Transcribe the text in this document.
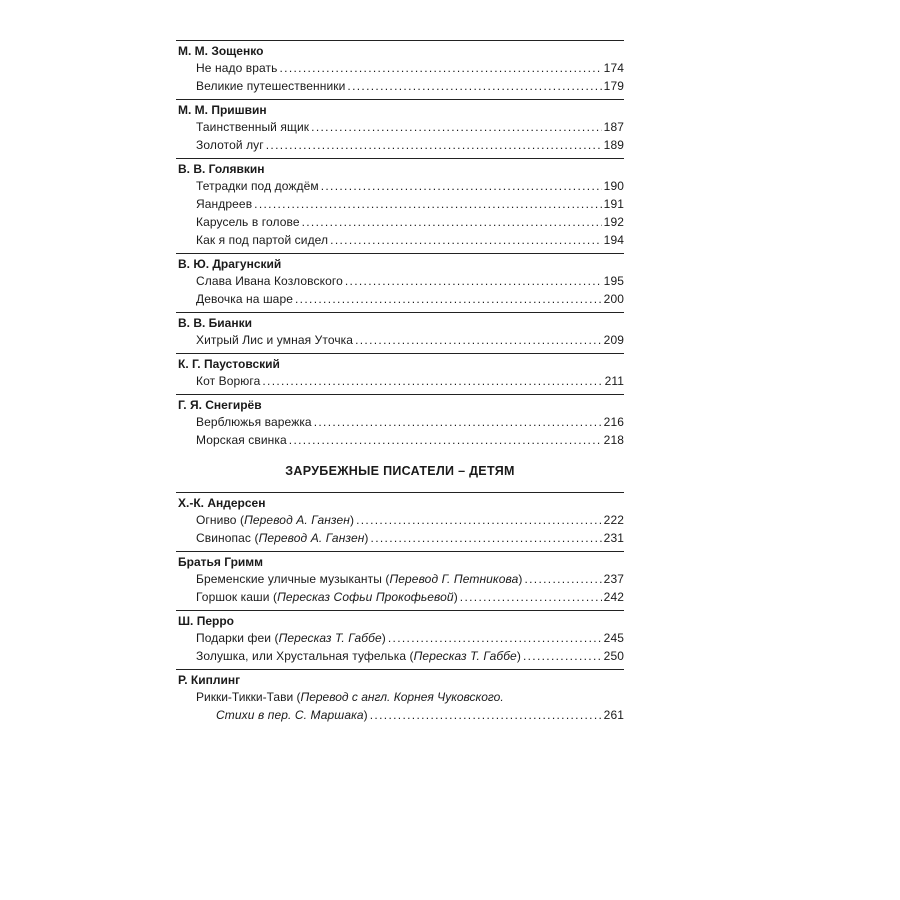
М. М. Зощенко
Не надо врать . . .	174
Великие путешественники . . .	179
М. М. Пришвин
Таинственный ящик . . .	187
Золотой луг . . .	189
В. В. Голявкин
Тетрадки под дождём . . .	190
Яандреев . . .	191
Карусель в голове . . .	192
Как я под партой сидел . . .	194
В. Ю. Драгунский
Слава Ивана Козловского . . .	195
Девочка на шаре . . .	200
В. В. Бианки
Хитрый Лис и умная Уточка . . .	209
К. Г. Паустовский
Кот Ворюга . . .	211
Г. Я. Снегирёв
Верблюжья варежка . . .	216
Морская свинка . . .	218
ЗАРУБЕЖНЫЕ ПИСАТЕЛИ – ДЕТЯМ
Х.-К. Андерсен
Огниво (Перевод А. Ганзен) . . .	222
Свинопас (Перевод А. Ганзен) . . .	231
Братья Гримм
Бременские уличные музыканты (Перевод Г. Петникова) . . .	237
Горшок каши (Пересказ Софьи Прокофьевой) . . .	242
Ш. Перро
Подарки феи (Пересказ Т. Габбе) . . .	245
Золушка, или Хрустальная туфелька (Пересказ Т. Габбе) . . .	250
Р. Киплинг
Рикки-Тикки-Тави (Перевод с англ. Корнея Чуковского.
Стихи в пер. С. Маршака) . . .	261
